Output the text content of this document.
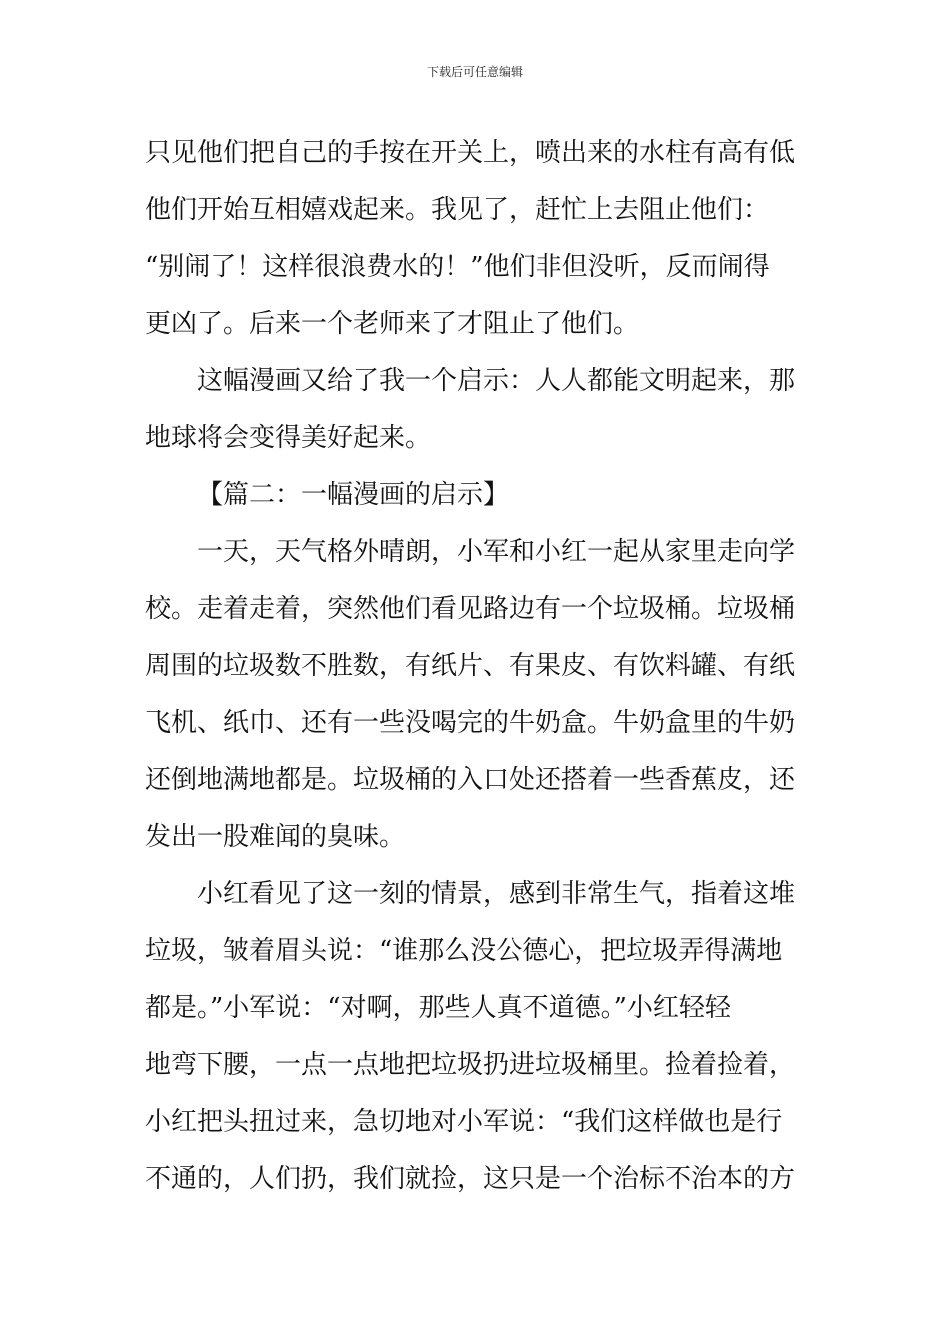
下载后可任意编辑
只见他们把自己的手按在开关上，喷出来的水柱有高有低
他们开始互相嬉戏起来。我见了，赶忙上去阻止他们：
“别闹了！这样很浪费水的！”他们非但没听，反而闹得
更凶了。后来一个老师来了才阻止了他们。
这幅漫画又给了我一个启示：人人都能文明起来，那
地球将会变得美好起来。
【篇二：一幅漫画的启示】
一天，天气格外晴朗，小军和小红一起从家里走向学
校。走着走着，突然他们看见路边有一个垃圾桶。垃圾桶
周围的垃圾数不胜数，有纸片、有果皮、有饮料罐、有纸
飞机、纸巾、还有一些没喝完的牛奶盒。牛奶盒里的牛奶
还倒地满地都是。垃圾桶的入口处还搭着一些香蕉皮，还
发出一股难闻的臭味。
小红看见了这一刻的情景，感到非常生气，指着这堆
垃圾，皱着眉头说：“谁那么没公德心，把垃圾弄得满地
都是。”小军说：“对啊，那些人真不道德。”小红轻轻
地弯下腰，一点一点地把垃圾扔进垃圾桶里。捡着捡着，
小红把头扭过来，急切地对小军说：“我们这样做也是行
不通的，人们扔，我们就捡，这只是一个治标不治本的方
